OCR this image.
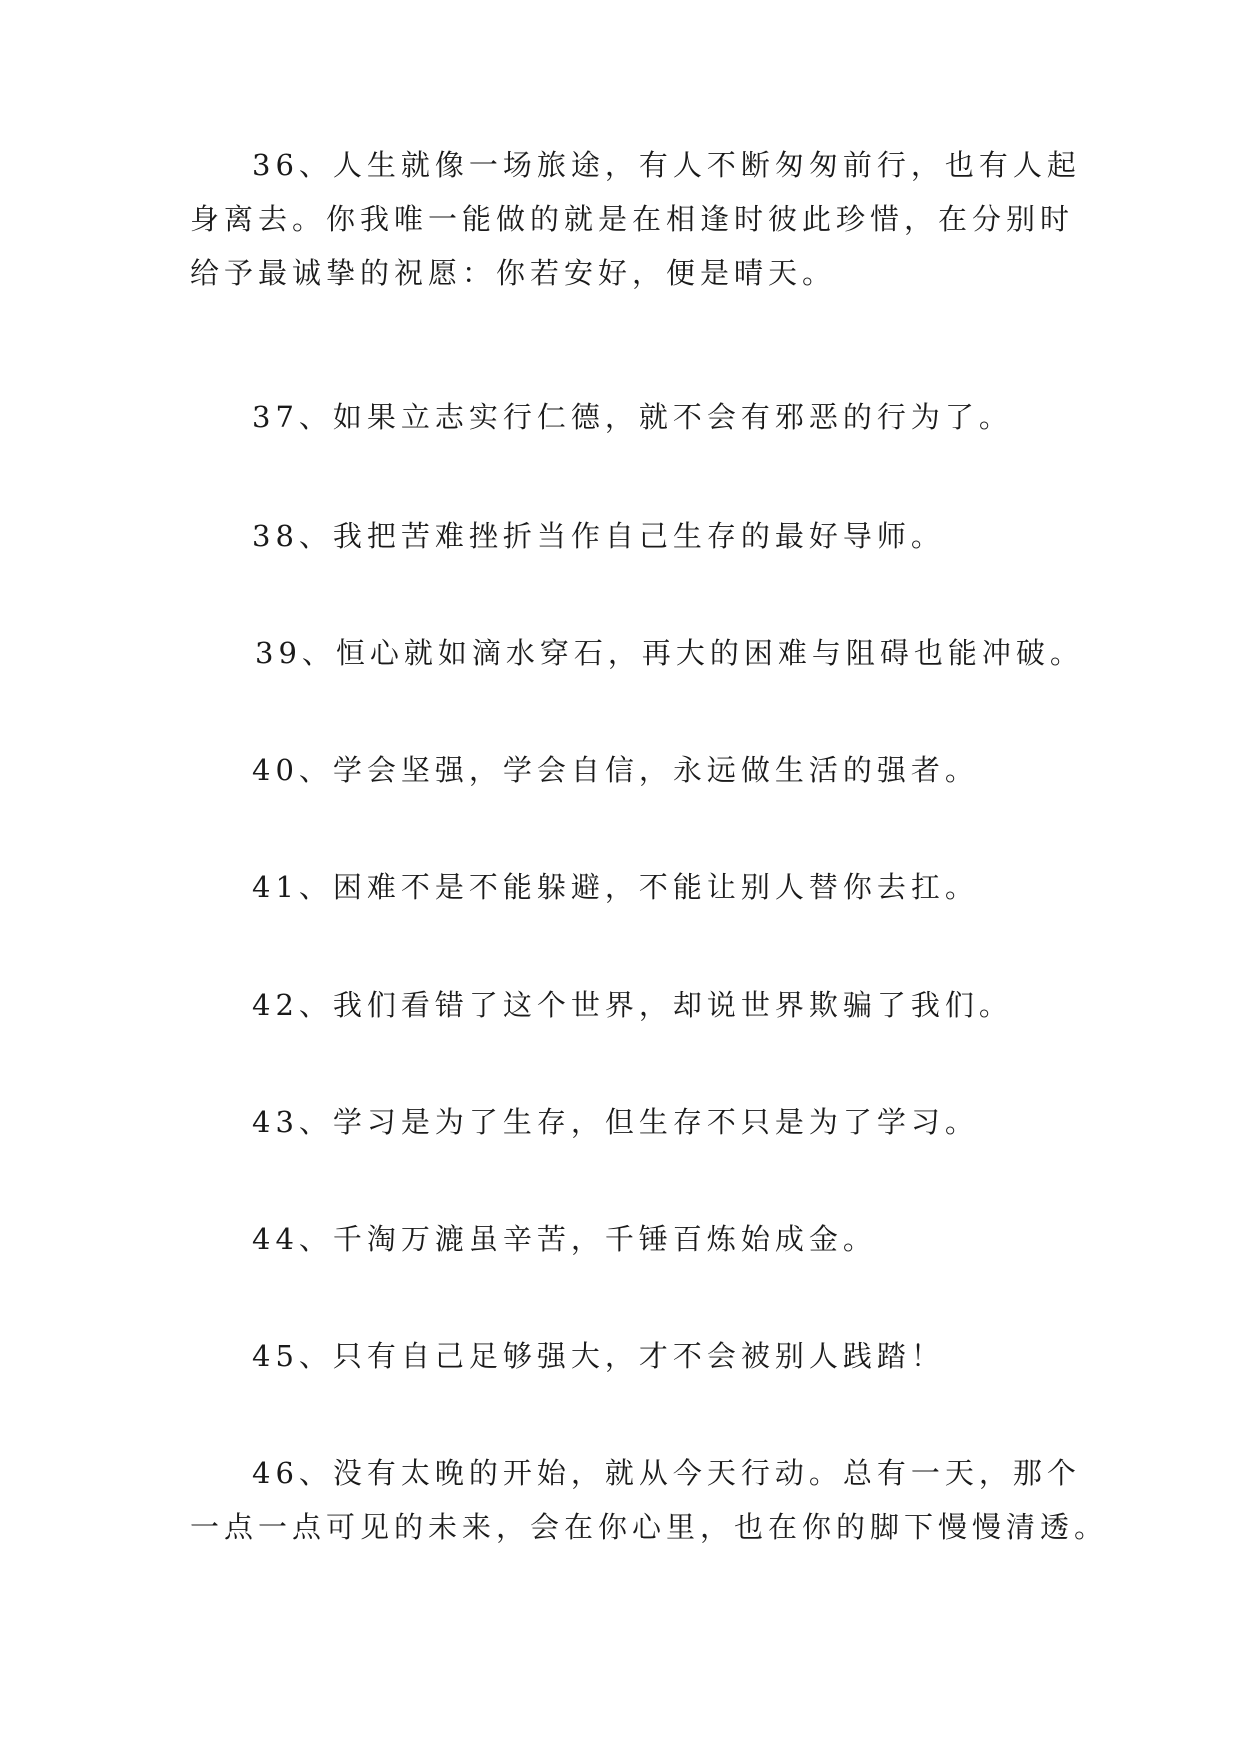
36、人生就像一场旅途，有人不断匆匆前行，也有人起
身离去。你我唯一能做的就是在相逢时彼此珍惜，在分别时
给予最诚挚的祝愿：你若安好，便是晴天。

37、如果立志实行仁德，就不会有邪恶的行为了。

38、我把苦难挫折当作自己生存的最好导师。

39、恒心就如滴水穿石，再大的困难与阻碍也能冲破。

40、学会坚强，学会自信，永远做生活的强者。

41、困难不是不能躲避，不能让别人替你去扛。

42、我们看错了这个世界，却说世界欺骗了我们。

43、学习是为了生存，但生存不只是为了学习。

44、千淘万漉虽辛苦，千锤百炼始成金。

45、只有自己足够强大，才不会被别人践踏！

46、没有太晚的开始，就从今天行动。总有一天，那个
一点一点可见的未来，会在你心里，也在你的脚下慢慢清透。
